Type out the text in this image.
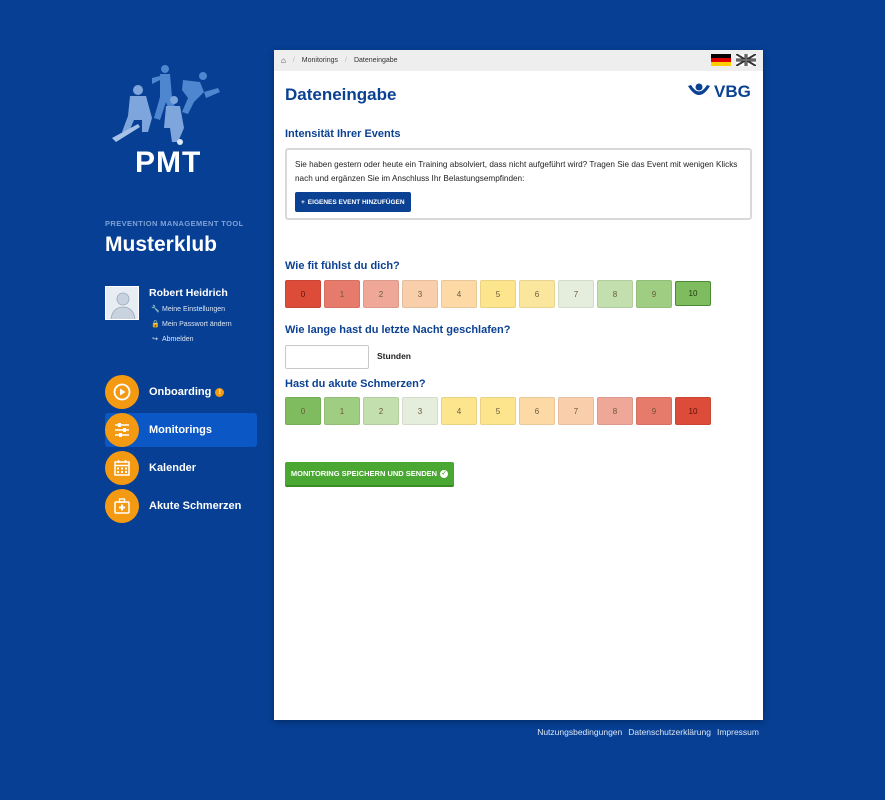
PMT
PREVENTION MANAGEMENT TOOL
Musterklub
Robert Heidrich
🔧 Meine Einstellungen
🔒 Mein Passwort ändern
↪ Abmelden
Onboarding	!
Monitorings
Kalender
Akute Schmerzen
⌂ / Monitorings / Dateneingabe
Dateneingabe	VBG
Intensität Ihrer Events
Sie haben gestern oder heute ein Training absolviert, dass nicht aufgeführt wird? Tragen Sie das Event mit wenigen Klicks nach und ergänzen Sie im Anschluss Ihr Belastungsempfinden:
+ EIGENES EVENT HINZUFÜGEN
Wie fit fühlst du dich?
0	1	2	3	4	5	6	7	8	9	10
Wie lange hast du letzte Nacht geschlafen?
Stunden
Hast du akute Schmerzen?
0	1	2	3	4	5	6	7	8	9	10
MONITORING SPEICHERN UND SENDEN ✓
Nutzungsbedingungen Datenschutzerklärung Impressum
